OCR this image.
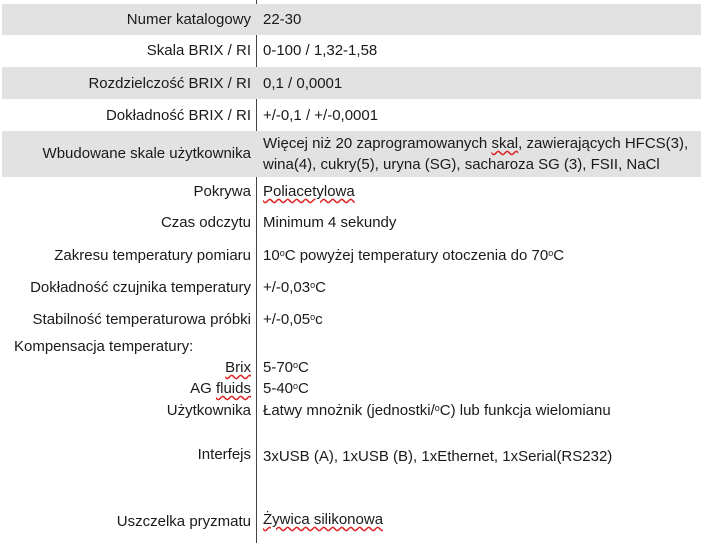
Numer katalogowy 22-30
Skala BRIX / RI 0-100 / 1,32-1,58
Rozdzielczość BRIX / RI 0,1 / 0,0001
Dokładność BRIX / RI +/-0,1 / +/-0,0001
Wbudowane skale użytkownika
Więcej niż 20 zaprogramowanych skal, zawierających HFCS(3),
wina(4), cukry(5), uryna (SG), sacharoza SG (3), FSII, NaCl
Pokrywa Poliacetylowa
Czas odczytu Minimum 4 sekundy
Zakresu temperatury pomiaru 10$^o$C powyżej temperatury otoczenia do 70$^o$C
Dokładność czujnika temperatury $+/-0,03^oC$
Stabilność temperaturowa próbki $+/-0,05^oc$
Kompensacja temperatury:
Brix 5-70$^o$C
AG fluids 5-40$^o$C
Użytkownika Łatwy mnożnik (jednostki/$^o$C) lub funkcja wielomianu
Interfejs 3xUSB (A), 1xUSB (B), 1xEthernet, 1xSerial(RS232)
Uszczelka pryzmatu Żywica silikonowa
